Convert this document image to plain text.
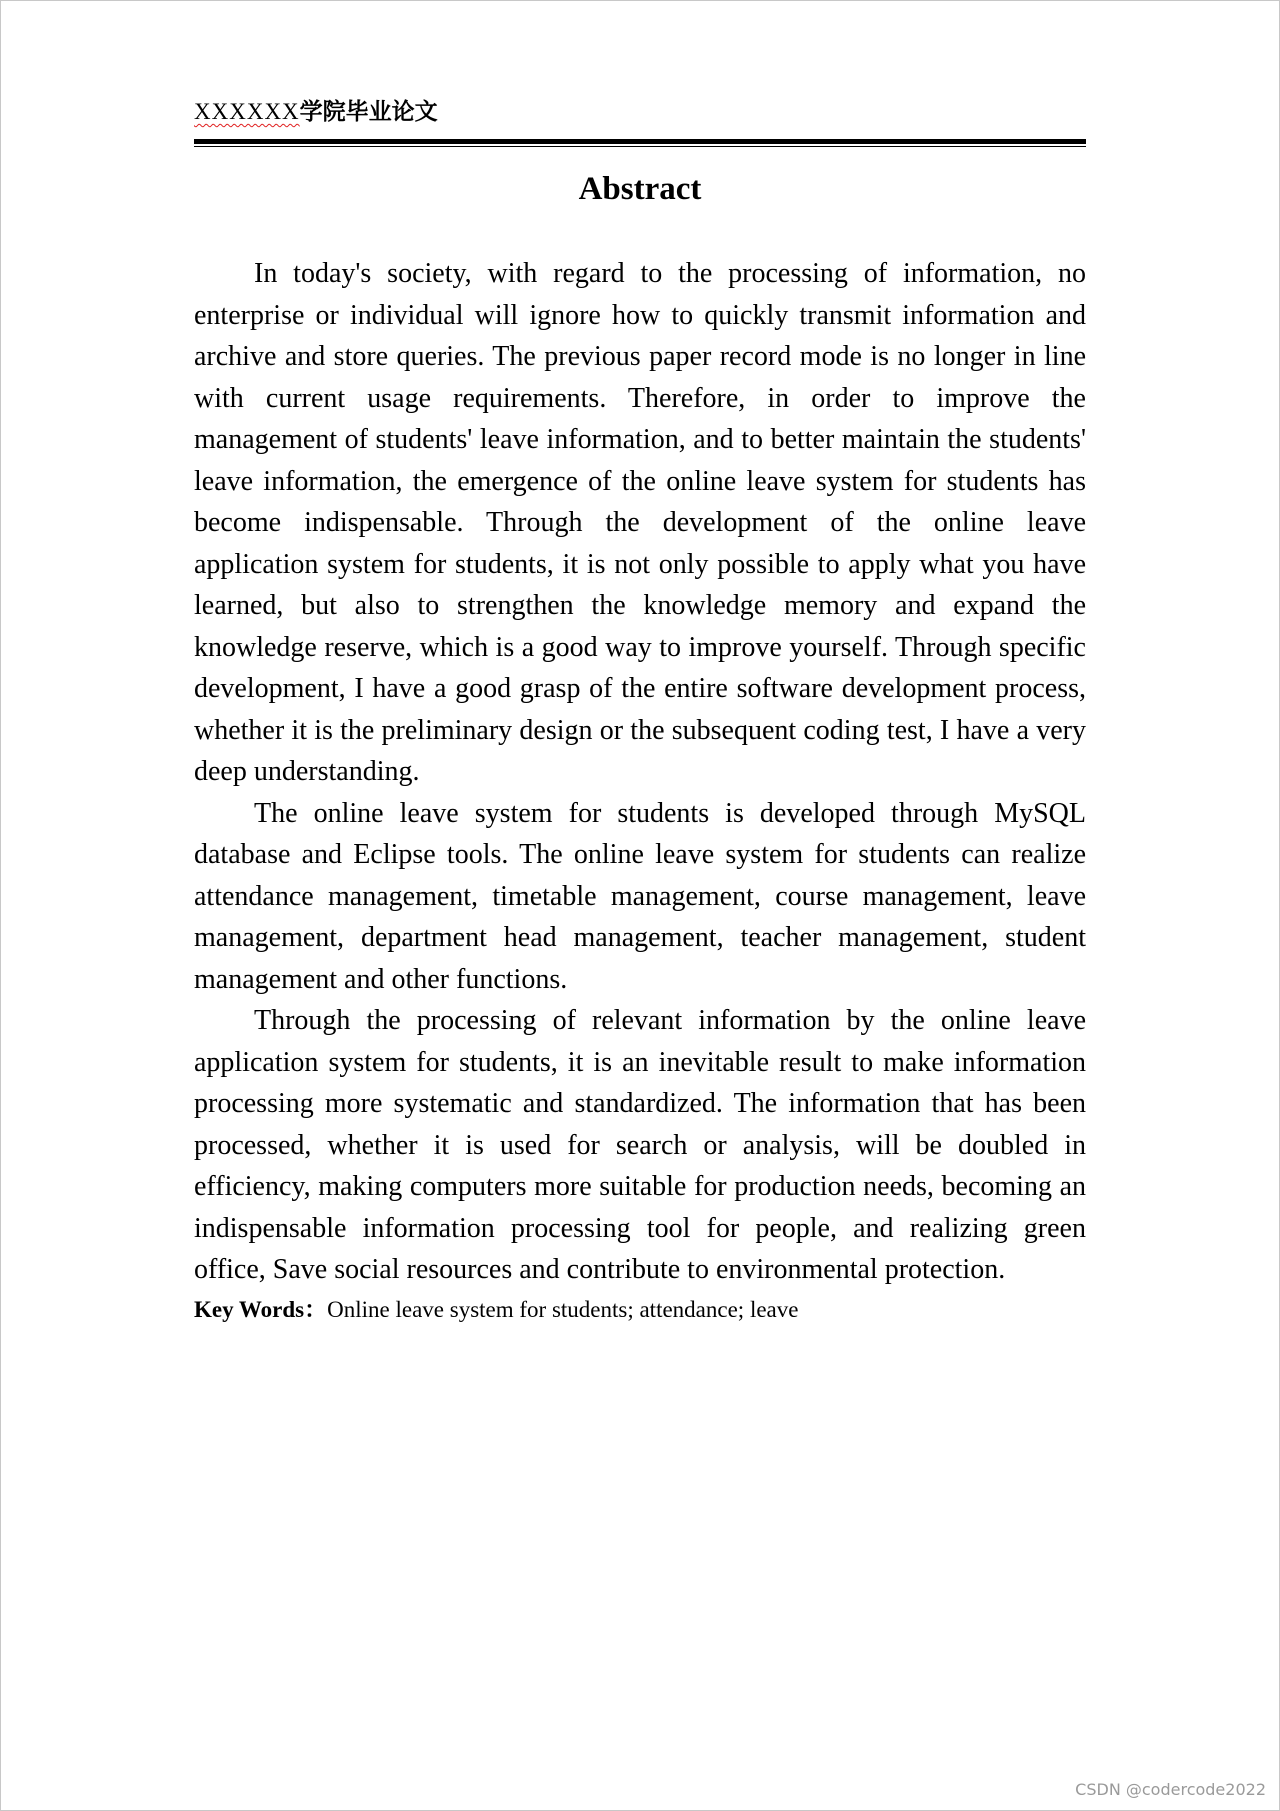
XXXXXX学院毕业论文
Abstract

In today's society, with regard to the processing of information, no enterprise or individual will ignore how to quickly transmit information and archive and store queries. The previous paper record mode is no longer in line with current usage requirements. Therefore, in order to improve the management of students' leave information, and to better maintain the students' leave information, the emergence of the online leave system for students has become indispensable. Through the development of the online leave application system for students, it is not only possible to apply what you have learned, but also to strengthen the knowledge memory and expand the knowledge reserve, which is a good way to improve yourself. Through specific development, I have a good grasp of the entire software development process, whether it is the preliminary design or the subsequent coding test, I have a very deep understanding.

The online leave system for students is developed through MySQL database and Eclipse tools. The online leave system for students can realize attendance management, timetable management, course management, leave management, department head management, teacher management, student management and other functions.

Through the processing of relevant information by the online leave application system for students, it is an inevitable result to make information processing more systematic and standardized. The information that has been processed, whether it is used for search or analysis, will be doubled in efficiency, making computers more suitable for production needs, becoming an indispensable information processing tool for people, and realizing green office, Save social resources and contribute to environmental protection.

Key Words：Online leave system for students; attendance; leave
CSDN @codercode2022
